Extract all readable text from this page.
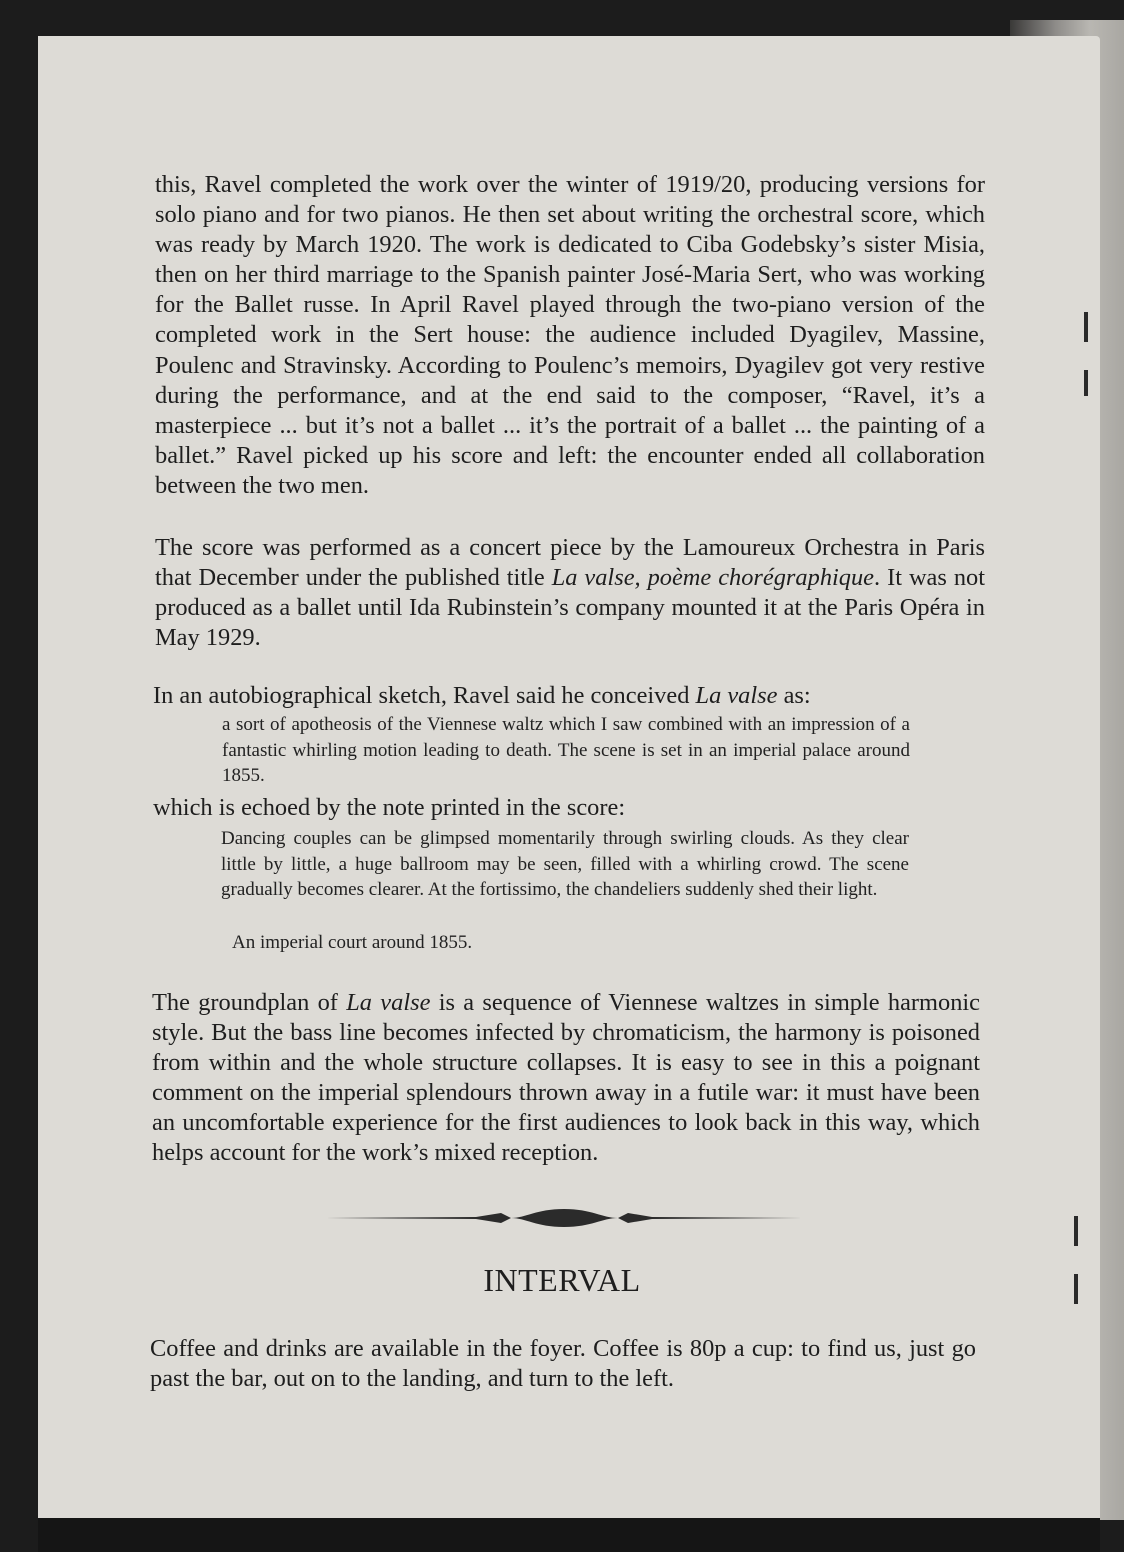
this, Ravel completed the work over the winter of 1919/20, producing versions for solo piano and for two pianos. He then set about writing the orchestral score, which was ready by March 1920. The work is dedicated to Ciba Godebsky’s sister Misia, then on her third marriage to the Spanish painter José-Maria Sert, who was working for the Ballet russe. In April Ravel played through the two-piano version of the completed work in the Sert house: the audience included Dyagilev, Massine, Poulenc and Stravinsky. According to Poulenc’s memoirs, Dyagilev got very restive during the performance, and at the end said to the composer, “Ravel, it’s a masterpiece ... but it’s not a ballet ... it’s the portrait of a ballet ... the painting of a ballet.” Ravel picked up his score and left: the encounter ended all collaboration between the two men.

The score was performed as a concert piece by the Lamoureux Orchestra in Paris that December under the published title La valse, poème chorégraphique. It was not produced as a ballet until Ida Rubinstein’s company mounted it at the Paris Opéra in May 1929.

In an autobiographical sketch, Ravel said he conceived La valse as:

a sort of apotheosis of the Viennese waltz which I saw combined with an impression of a fantastic whirling motion leading to death. The scene is set in an imperial palace around 1855.

which is echoed by the note printed in the score:

Dancing couples can be glimpsed momentarily through swirling clouds. As they clear little by little, a huge ballroom may be seen, filled with a whirling crowd. The scene gradually becomes clearer. At the fortissimo, the chandeliers suddenly shed their light.

An imperial court around 1855.

The groundplan of La valse is a sequence of Viennese waltzes in simple harmonic style. But the bass line becomes infected by chromaticism, the harmony is poisoned from within and the whole structure collapses. It is easy to see in this a poignant comment on the imperial splendours thrown away in a futile war: it must have been an uncomfortable experience for the first audiences to look back in this way, which helps account for the work’s mixed reception.

INTERVAL

Coffee and drinks are available in the foyer. Coffee is 80p a cup: to find us, just go past the bar, out on to the landing, and turn to the left.
